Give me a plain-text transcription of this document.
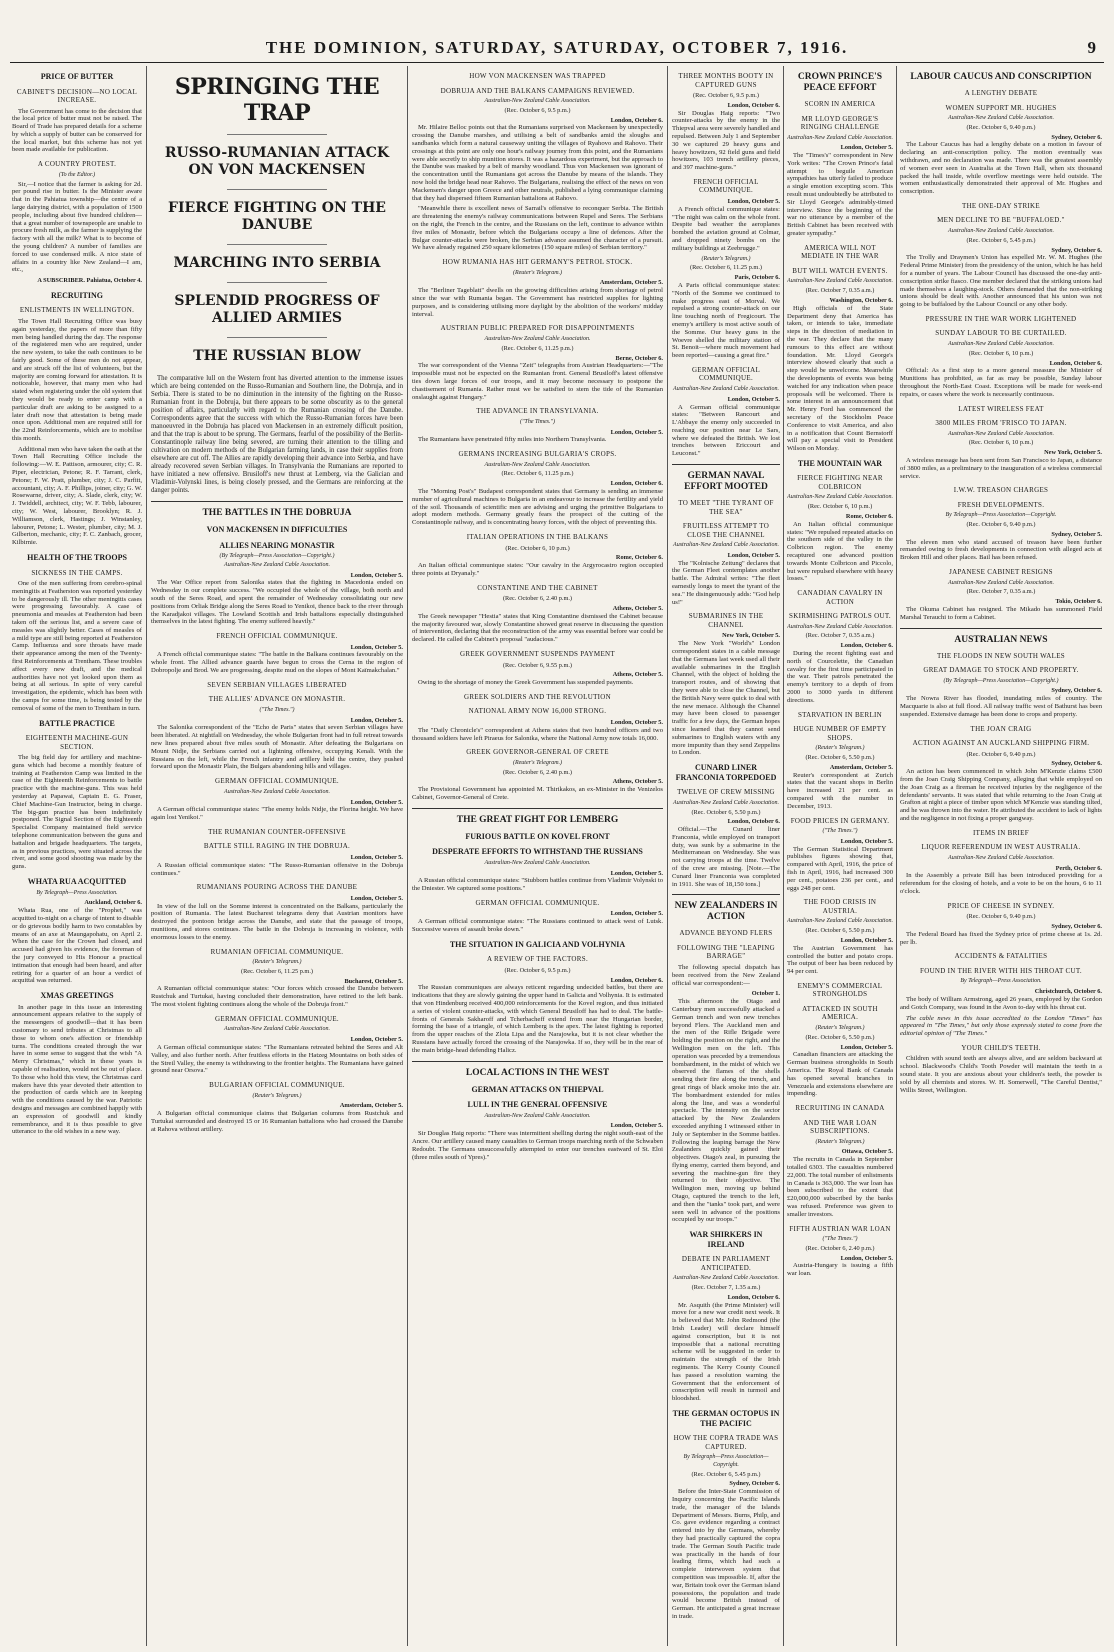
THE DOMINION, SATURDAY, SATURDAY, OCTOBER 7, 1916.	9
PRICE OF BUTTER
CABINET'S DECISION—NO LOCAL INCREASE.

The Government has come to the decision that the local price of butter must not be raised. The Board of Trade has prepared details for a scheme by which a supply of butter can be conserved for the local market, but this scheme has not yet been made available for publication.

A COUNTRY PROTEST.
(To the Editor.)

Sir,—I notice that the farmer is asking for 2d. per pound rise in butter. Is the Minister aware that in the Pahiatua township—the centre of a large dairying district, with a population of 1500 people, including about five hundred children—that a great number of townspeople are unable to procure fresh milk, as the farmer is supplying the factory with all the milk? What is to become of the young children? A number of families are forced to use condensed milk. A nice state of affairs in a country like New Zealand—I am, etc.,

A SUBSCRIBER. Pahiatua, October 4.
RECRUITING
ENLISTMENTS IN WELLINGTON.

The Town Hall Recruiting Office was busy again yesterday, the papers of more than fifty men being handled during the day. The response of the registered men who are required, under the new system, to take the oath continues to be fairly good. Some of these men do not appear, and are struck off the list of volunteers, but the majority are coming forward for attestation. It is noticeable, however, that many men who had stated when registering under the old system that they would be ready to enter camp with a particular draft are asking to be assigned to a later draft now that attestation is being made once upon. Additional men are required still for the 22nd Reinforcements, which are to mobilise this month.

Additional men who have taken the oath at the Town Hall Recruiting Office include the following:—W. E. Pattison, armourer, city; C. R. Piper, electrician, Petone; R. F. Tarrant, clerk, Petone; F. W. Pratt, plumber, city; J. C. Parfitt, accountant, city; A. F. Phillips, joiner, city; G. W. Rosewarne, driver, city; A. Slade, clerk, city; W. J. Twiddell, architect, city; W. F. Tebb, labourer, city; W. West, labourer, Brooklyn; R. J. Williamson, clerk, Hastings; J. Winstanley, labourer, Petone; L. Wester, plumber, city; M. J. Gilberton, mechanic, city; F. C. Zanbach, grocer, Kilbirnie.

HEALTH OF THE TROOPS
SICKNESS IN THE CAMPS.

One of the men suffering from cerebro-spinal meningitis at Featherston was reported yesterday to be dangerously ill. The other meningitis cases were progressing favourably. A case of pneumonia and measles at Featherston had been taken off the serious list, and a severe case of measles was slightly better. Cases of measles of a mild type are still being reported at Featherston Camp. Influenza and sore throats have made their appearance among the men of the Twenty-first Reinforcements at Trentham. These troubles affect every new draft, and the medical authorities have not yet looked upon them as being at all serious. In spite of very careful investigation, the epidemic, which has been with the camps for some time, is being tested by the removal of some of the men to Trentham in turn.

BATTLE PRACTICE
EIGHTEENTH MACHINE-GUN SECTION.

The big field day for artillery and machine-guns which had become a monthly feature of training at Featherston Camp was limited in the case of the Eighteenth Reinforcements to battle practice with the machine-guns. This was held yesterday at Papawai, Captain E. G. Fraser, Chief Machine-Gun Instructor, being in charge. The big-gun practice has been indefinitely postponed. The Signal Section of the Eighteenth Specialist Company maintained field service telephone communication between the guns and battalion and brigade headquarters. The targets, as in previous practices, were situated across the river, and some good shooting was made by the guns.

WHATA RUA ACQUITTED
By Telegraph—Press Association.
Auckland, October 6.

Whata Rua, one of the "Prophet," was acquitted to-night on a charge of intent to disable or do grievous bodily harm to two constables by means of an axe at Maungapohatu, on April 2. When the case for the Crown had closed, and accused had given his evidence, the foreman of the jury conveyed to His Honour a practical intimation that enough had been heard, and after retiring for a quarter of an hour a verdict of acquittal was returned.

XMAS GREETINGS

In another page in this issue an interesting announcement appears relative to the supply of the messengers of goodwill—that it has been customary to send tributes at Christmas to all those to whom one's affection or friendship turns. The conditions created through the war have in some sense to suggest that the wish "A Merry Christmas," which in these years is capable of realisation, would not be out of place. To those who hold this view, the Christmas card makers have this year devoted their attention to the production of cards which are in keeping with the conditions caused by the war. Patriotic designs and messages are combined happily with an expression of goodwill and kindly remembrance, and it is thus possible to give utterance to the old wishes in a new way.

SPRINGING THE TRAP
RUSSO-RUMANIAN ATTACK ON VON MACKENSEN
FIERCE FIGHTING ON THE DANUBE
MARCHING INTO SERBIA
SPLENDID PROGRESS OF ALLIED ARMIES
THE RUSSIAN BLOW

The comparative lull on the Western front has diverted attention to the immense issues which are being contended on the Russo-Rumanian and Southern line, the Dobruja, and in Serbia. There is stated to be no diminution in the intensity of the fighting on the Russo-Rumanian front in the Dobruja, but there appears to be some obscurity as to the general position of affairs, particularly with regard to the Rumanian crossing of the Danube. Correspondents agree that the success with which the Russo-Rumanian forces have been manoeuvred in the Dobruja has placed von Mackensen in an extremely difficult position, and that the trap is about to be sprung. The Germans, fearful of the possibility of the Berlin-Constantinople railway line being severed, are turning their attention to the tilling and cultivation on modern methods of the Bulgarian farming lands, in case their supplies from elsewhere are cut off. The Allies are rapidly developing their advance into Serbia, and have already recovered seven Serbian villages. In Transylvania the Rumanians are reported to have initiated a new offensive. Brusiloff's new thrust at Lemberg, via the Galician and Vladimir-Volynski lines, is being closely pressed, and the Germans are reinforcing at the danger points.

THE BATTLES IN THE DOBRUJA
VON MACKENSEN IN DIFFICULTIES
ALLIES NEARING MONASTIR
(By Telegraph—Press Association—Copyright.)
Australian-New Zealand Cable Association.
London, October 5.

The War Office report from Salonika states that the fighting in Macedonia ended on Wednesday in our complete success. "We occupied the whole of the village, both north and south of the Seres Road, and spent the remainder of Wednesday consolidating our new positions from Orliak Bridge along the Seres Road to Yenikoi, thence back to the river through the Karadjakoi villages. The Lowland Scottish and Irish battalions especially distinguished themselves in the latest fighting. The enemy suffered heavily."

FRENCH OFFICIAL COMMUNIQUE.
London, October 5.

A French official communique states: "The battle in the Balkans continues favourably on the whole front. The Allied advance guards have begun to cross the Cerna in the region of Dobropolje and Brod. We are progressing, despite mud on the slopes of Mont Kaïmakchalan."

SEVEN SERBIAN VILLAGES LIBERATED
THE ALLIES' ADVANCE ON MONASTIR.
("The Times.")
London, October 5.

The Salonika correspondent of the "Echo de Paris" states that seven Serbian villages have been liberated. At nightfall on Wednesday, the whole Bulgarian front had in full retreat towards new lines prepared about five miles south of Monastir. After defeating the Bulgarians on Mount Nidje, the Serbians carried out a lightning offensive, occupying Kenali. With the Russians on the left, while the French infantry and artillery held the centre, they pushed forward upon the Monastir Plain, the Bulgars abandoning hills and villages.

GERMAN OFFICIAL COMMUNIQUE.
Australian-New Zealand Cable Association.
London, October 5.

A German official communique states: "The enemy holds Nidje, the Florina height. We have again lost Yenikoi."

THE RUMANIAN COUNTER-OFFENSIVE
BATTLE STILL RAGING IN THE DOBRUJA.
London, October 5.

A Russian official communique states: "The Russo-Rumanian offensive in the Dobruja continues."

RUMANIANS POURING ACROSS THE DANUBE
London, October 5.

In view of the lull on the Somme interest is concentrated on the Balkans, particularly the position of Rumania. The latest Bucharest telegrams deny that Austrian monitors have destroyed the pontoon bridge across the Danube, and state that the passage of troops, munitions, and stores continues. The battle in the Dobruja is increasing in violence, with enormous losses to the enemy.

RUMANIAN OFFICIAL COMMUNIQUE.
(Reuter's Telegram.)
(Rec. October 6, 11.25 p.m.)
Bucharest, October 5.

A Rumanian official communique states: "Our forces which crossed the Danube between Rustchuk and Turtukai, having concluded their demonstration, have retired to the left bank. The most violent fighting continues along the whole of the Dobruja front."

GERMAN OFFICIAL COMMUNIQUE.
Australian-New Zealand Cable Association.
London, October 5.

A German official communique states: "The Rumanians retreated behind the Seres and Alt Valley, and also further north. After fruitless efforts in the Hatzeg Mountains on both sides of the Streil Valley, the enemy is withdrawing to the frontier heights. The Rumanians have gained ground near Orsova."

BULGARIAN OFFICIAL COMMUNIQUE.
(Reuter's Telegram.)
Amsterdam, October 5.

A Bulgarian official communique claims that Bulgarian columns from Rustchuk and Turtukai surrounded and destroyed 15 or 16 Rumanian battalions who had crossed the Danube at Rahova without artillery.

HOW VON MACKENSEN WAS TRAPPED
DOBRUJA AND THE BALKANS CAMPAIGNS REVIEWED.
Australian-New Zealand Cable Association.
(Rec. October 6, 9.5 p.m.)
London, October 6.

Mr. Hilaire Belloc points out that the Rumanians surprised von Mackensen by unexpectedly crossing the Danube marshes, and utilising a belt of sandbanks amid the sloughs and sandbanks which form a natural causeway uniting the villages of Ryahovo and Rahovo. Their crossings at this point are only one hour's railway journey from this point, and the Rumanians were able secretly to ship munition stores. It was a hazardous experiment, but the approach to the Danube was masked by a belt of marshy woodland. Thus von Mackensen was ignorant of the concentration until the Rumanians got across the Danube by means of the islands. They now hold the bridge head near Rahovo. The Bulgarians, realising the effect of the news on von Mackensen's danger upon Greece and other neutrals, published a lying communique claiming that they had dispersed fifteen Rumanian battalions at Rahovo.

"Meanwhile there is excellent news of Sarrail's offensive to reconquer Serbia. The British are threatening the enemy's railway communications between Rupel and Seres. The Serbians on the right, the French in the centre, and the Russians on the left, continue to advance within five miles of Monastir, before which the Bulgarians occupy a line of defences. After the Bulgar counter-attacks were broken, the Serbian advance assumed the character of a pursuit. We have already regained 250 square kilometres (150 square miles) of Serbian territory."

HOW RUMANIA HAS HIT GERMANY'S PETROL STOCK.
(Reuter's Telegram.)
Amsterdam, October 5.

The "Berliner Tageblatt" dwells on the growing difficulties arising from shortage of petrol since the war with Rumania began. The Government has restricted supplies for lighting purposes, and is considering utilising more daylight by the abolition of the workers' midday interval.

AUSTRIAN PUBLIC PREPARED FOR DISAPPOINTMENTS
Australian-New Zealand Cable Association.
(Rec. October 6, 11.25 p.m.)
Berne, October 6.

The war correspondent of the Vienna "Zeit" telegraphs from Austrian Headquarters:—"The impossible must not be expected on the Rumanian front. General Brusiloff's latest offensive ties down large forces of our troops, and it may become necessary to postpone the chastisement of Rumania. Rather must we be satisfied to stem the tide of the Rumanian onslaught against Hungary."

THE ADVANCE IN TRANSYLVANIA.
("The Times.")
London, October 5.

The Rumanians have penetrated fifty miles into Northern Transylvania.

GERMANS INCREASING BULGARIA'S CROPS.
Australian-New Zealand Cable Association.
(Rec. October 6, 11.25 p.m.)
London, October 6.

The "Morning Post's" Budapest correspondent states that Germany is sending an immense number of agricultural machines to Bulgaria in an endeavour to increase the fertility and yield of the soil. Thousands of scientific men are advising and urging the primitive Bulgarians to adopt modern methods. Germany greatly fears the prospect of the cutting of the Constantinople railway, and is concentrating heavy forces, with the object of preventing this.

ITALIAN OPERATIONS IN THE BALKANS
(Rec. October 6, 10 p.m.)
Rome, October 6.

An Italian official communique states: "Our cavalry in the Argyrocastro region occupied three points at Dryanaly."

CONSTANTINE AND THE CABINET
(Rec. October 6, 2.40 p.m.)
Athens, October 5.

The Greek newspaper "Hestia" states that King Constantine dismissed the Cabinet because the majority favoured war, slowly Constantine showed great reserve in discussing the question of intervention, declaring that the reconstruction of the army was essential before war could be declared. He called the Cabinet's proposal "audacious."

GREEK GOVERNMENT SUSPENDS PAYMENT
(Rec. October 6, 9.55 p.m.)
Athens, October 5.

Owing to the shortage of money the Greek Government has suspended payments.

GREEK SOLDIERS AND THE REVOLUTION
NATIONAL ARMY NOW 16,000 STRONG.
London, October 5.

The "Daily Chronicle's" correspondent at Athens states that two hundred officers and two thousand soldiers have left Piraeus for Salonika, where the National Army now totals 16,000.

GREEK GOVERNOR-GENERAL OF CRETE
(Reuter's Telegram.)
(Rec. October 6, 2.40 p.m.)
Athens, October 5.

The Provisional Government has appointed M. Thirikakos, an ex-Minister in the Venizelos Cabinet, Governor-General of Crete.

THE GREAT FIGHT FOR LEMBERG
FURIOUS BATTLE ON KOVEL FRONT
DESPERATE EFFORTS TO WITHSTAND THE RUSSIANS
Australian-New Zealand Cable Association.
London, October 5.

A Russian official communique states: "Stubborn battles continue from Vladimir Volynski to the Dniester. We captured some positions."

GERMAN OFFICIAL COMMUNIQUE.
London, October 5.

A German official communique states: "The Russians continued to attack west of Lutsk. Successive waves of assault broke down."

THE SITUATION IN GALICIA AND VOLHYNIA
A REVIEW OF THE FACTORS.
(Rec. October 6, 9.5 p.m.)
London, October 6.

The Russian communiques are always reticent regarding undecided battles, but there are indications that they are slowly gaining the upper hand in Galicia and Volhynia. It is estimated that von Hindenburg received 400,000 reinforcements for the Kovel region, and thus initiated a series of violent counter-attacks, with which General Brusiloff has had to deal. The battle-fronts of Generals Sakharoff and Tcherbacheff extend from near the Hungarian border, forming the base of a triangle, of which Lemberg is the apex. The latest fighting is reported from the upper reaches of the Zlota Lipa and the Narajowka, but it is not clear whether the Russians have actually forced the crossing of the Narajowka. If so, they will be in the rear of the main bridge-head defending Halicz.

LOCAL ACTIONS IN THE WEST
GERMAN ATTACKS ON THIEPVAL
LULL IN THE GENERAL OFFENSIVE
Australian-New Zealand Cable Association.
London, October 5.

Sir Douglas Haig reports: "There was intermittent shelling during the night south-east of the Ancre. Our artillery caused many casualties to German troops marching north of the Schwaben Redoubt. The Germans unsuccessfully attempted to enter our trenches eastward of St. Eloi (three miles south of Ypres)."

THREE MONTHS BOOTY IN CAPTURED GUNS
(Rec. October 6, 9.5 p.m.)
London, October 6.

Sir Douglas Haig reports: "Two counter-attacks by the enemy in the Thiepval area were severely handled and repulsed. Between July 1 and September 30 we captured 29 heavy guns and heavy howitzers, 92 field guns and field howitzers, 103 trench artillery pieces, and 397 machine-guns."

FRENCH OFFICIAL COMMUNIQUE.
London, October 5.

A French official communique states: "The night was calm on the whole front. Despite bad weather the aeroplanes bombed the aviation ground at Colmar, and dropped ninety bombs on the military buildings at Zeebrugge."

(Reuter's Telegram.)
(Rec. October 6, 11.25 p.m.)
Paris, October 6.

A Paris official communique states: "North of the Somme we continued to make progress east of Morval. We repulsed a strong counter-attack on our line touching north of Fregicourt. The enemy's artillery is most active south of the Somme. Our heavy guns in the Woevre shelled the military station of St. Benoit—where much movement had been reported—causing a great fire."

GERMAN OFFICIAL COMMUNIQUE.
Australian-New Zealand Cable Association.
London, October 5.

A German official communique states: "Between Rancourt and L'Abbaye the enemy only succeeded in reaching our position near Le Sars, where we defeated the British. We lost trenches between Ericcourt and Leuconst."

GERMAN NAVAL EFFORT MOOTED
TO MEET "THE TYRANT OF THE SEA"
FRUITLESS ATTEMPT TO CLOSE THE CHANNEL
Australian-New Zealand Cable Association.
London, October 5.

The "Kolnische Zeitung" declares that the German Fleet contemplates another battle. The Admiral writes: "The fleet earnestly longs to meet the tyrant of the sea." He disingenuously adds: "God help us!"

SUBMARINES IN THE CHANNEL
New York, October 5.

The New York "World's" London correspondent states in a cable message that the Germans last week used all their available submarines in the English Channel, with the object of holding the transport routes, and of showing that they were able to close the Channel, but the British Navy were quick to deal with the new menace. Although the Channel may have been closed to passenger traffic for a few days, the German hopes since learned that they cannot send submarines to English waters with any more impunity than they send Zeppelins to London.

CUNARD LINER FRANCONIA TORPEDOED
TWELVE OF CREW MISSING
Australian-New Zealand Cable Association.
(Rec. October 6, 5.50 p.m.)
London, October 6.

Official.—The Cunard liner Franconia, while employed on transport duty, was sunk by a submarine in the Mediterranean on Wednesday. She was not carrying troops at the time. Twelve of the crew are missing. [Note.—The Cunard liner Franconia was completed in 1911. She was of 18,150 tons.]

NEW ZEALANDERS IN ACTION
ADVANCE BEYOND FLERS
FOLLOWING THE "LEAPING BARRAGE"

The following special dispatch has been received from the New Zealand official war correspondent:—

October 1.

This afternoon the Otago and Canterbury men successfully attacked a German trench and won new trenches beyond Flers. The Auckland men and the men of the Rifle Brigade were holding the position on the right, and the Wellington men on the left. This operation was preceded by a tremendous bombardment, in the midst of which we observed the flames of the shells sending their fire along the trench, and great rings of black smoke into the air. The bombardment extended for miles along the line, and was a wonderful spectacle. The intensity on the sector attacked by the New Zealanders exceeded anything I witnessed either in July or September in the Somme battles. Following the leaping barrage the New Zealanders quickly gained their objectives. Otago's zeal, in pursuing the flying enemy, carried them beyond, and severing the machine-gun fire they returned to their objective. The Wellington men, moving up behind Otago, captured the trench to the left, and then the "tanks" took part, and were seen well in advance of the positions occupied by our troops."

WAR SHIRKERS IN IRELAND
DEBATE IN PARLIAMENT ANTICIPATED.
Australian-New Zealand Cable Association.
(Rec. October 7, 1.35 a.m.)
London, October 6.

Mr. Asquith (the Prime Minister) will move for a new war credit next week. It is believed that Mr. John Redmond (the Irish Leader) will declare himself against conscription, but it is not impossible that a national recruiting scheme will be suggested in order to maintain the strength of the Irish regiments. The Kerry County Council has passed a resolution warning the Government that the enforcement of conscription will result in turmoil and bloodshed.

THE GERMAN OCTOPUS IN THE PACIFIC
HOW THE COPRA TRADE WAS CAPTURED.
By Telegraph—Press Association—Copyright.
(Rec. October 6, 5.45 p.m.)
Sydney, October 6.

Before the Inter-State Commission of Inquiry concerning the Pacific Islands trade, the manager of the Islands Department of Messrs. Burns, Philp, and Co. gave evidence regarding a contract entered into by the Germans, whereby they had practically captured the copra trade. The German South Pacific trade was practically in the hands of four leading firms, which had such a complete interwoven system that competition was impossible. If, after the war, Britain took over the German island possessions, the population and trade would become British instead of German. He anticipated a great increase in trade.

CROWN PRINCE'S PEACE EFFORT
SCORN IN AMERICA
MR LLOYD GEORGE'S RINGING CHALLENGE
Australian-New Zealand Cable Association.
London, October 5.

The "Times's" correspondent in New York writes: "The Crown Prince's fatal attempt to beguile American sympathies has utterly failed to produce a single emotion excepting scorn. This result must undoubtedly be attributed to Sir Lloyd George's admirably-timed interview. Since the beginning of the war no utterance by a member of the British Cabinet has been received with greater sympathy."

AMERICA WILL NOT MEDIATE IN THE WAR
BUT WILL WATCH EVENTS.
Australian-New Zealand Cable Association.
(Rec. October 7, 0.35 a.m.)
Washington, October 6.

High officials of the State Department deny that America has taken, or intends to take, immediate steps in the direction of mediation in the war. They declare that the many rumours to this effect are without foundation. Mr. Lloyd George's interview showed clearly that such a step would be unwelcome. Meanwhile the developments of events was being watched for any indication when peace proposals will be welcomed. There is some interest in an announcement that Mr. Henry Ford has commenced the secretary of the Stockholm Peace Conference to visit America, and also in a notification that Count Bernstorff will pay a special visit to President Wilson on Monday.

THE MOUNTAIN WAR
FIERCE FIGHTING NEAR COLBRICON
Australian-New Zealand Cable Association.
(Rec. October 6, 10 p.m.)
Rome, October 6.

An Italian official communique states: "We repulsed repeated attacks on the southern side of the valley in the Colbricon region. The enemy recaptured one advanced position towards Monte Colbricon and Piccolo, but were repulsed elsewhere with heavy losses."

CANADIAN CAVALRY IN ACTION
SKIRMISHING PATROLS OUT.
Australian-New Zealand Cable Association.
(Rec. October 7, 0.35 a.m.)
London, October 6.

During the recent fighting east and north of Courcelette, the Canadian cavalry for the first time participated in the war. Their patrols penetrated the enemy's territory to a depth of from 2000 to 3000 yards in different directions.

STARVATION IN BERLIN
HUGE NUMBER OF EMPTY SHOPS.
(Reuter's Telegram.)
(Rec. October 6, 5.50 p.m.)
Amsterdam, October 5.

Reuter's correspondent at Zurich states that the vacant shops in Berlin have increased 21 per cent. as compared with the number in December, 1913.

FOOD PRICES IN GERMANY.
("The Times.")
London, October 5.

The German Statistical Department publishes figures showing that, compared with April, 1916, the price of fish in April, 1916, had increased 300 per cent., potatoes 236 per cent., and eggs 248 per cent.

THE FOOD CRISIS IN AUSTRIA.
Australian-New Zealand Cable Association.
(Rec. October 6, 5.50 p.m.)
London, October 5.

The Austrian Government has controlled the butter and potato crops. The output of beer has been reduced by 94 per cent.

ENEMY'S COMMERCIAL STRONGHOLDS
ATTACKED IN SOUTH AMERICA.
(Reuter's Telegram.)
(Rec. October 6, 5.50 p.m.)
London, October 5.

Canadian financiers are attacking the German business strongholds in South America. The Royal Bank of Canada has opened several branches in Venezuela and extensions elsewhere are impending.

RECRUITING IN CANADA
AND THE WAR LOAN SUBSCRIPTIONS.
(Reuter's Telegram.)
Ottawa, October 5.

The recruits in Canada in September totalled 6303. The casualties numbered 22,000. The total number of enlistments in Canada is 363,000. The war loan has been subscribed to the extent that £20,000,000 subscribed by the banks was refused. Preference was given to smaller investors.

FIFTH AUSTRIAN WAR LOAN
("The Times.")
(Rec. October 6, 2.40 p.m.)
London, October 5.

Austria-Hungary is issuing a fifth war loan.

LABOUR CAUCUS AND CONSCRIPTION
A LENGTHY DEBATE
WOMEN SUPPORT MR. HUGHES
Australian-New Zealand Cable Association.
(Rec. October 6, 9.40 p.m.)
Sydney, October 6.

The Labour Caucus has had a lengthy debate on a motion in favour of declaring an anti-conscription policy. The motion eventually was withdrawn, and no declaration was made. There was the greatest assembly of women ever seen in Australia at the Town Hall, when six thousand packed the hall inside, while overflow meetings were held outside. The women enthusiastically demonstrated their approval of Mr. Hughes and conscription.

THE ONE-DAY STRIKE
MEN DECLINE TO BE "BUFFALOED."
Australian-New Zealand Cable Association.
(Rec. October 6, 5.45 p.m.)
Sydney, October 6.

The Trolly and Draymen's Union has expelled Mr. W. M. Hughes (the Federal Prime Minister) from the presidency of the union, which he has held for a number of years. The Labour Council has discussed the one-day anti-conscription strike fiasco. One member declared that the striking unions had made themselves a laughing-stock. Others demanded that the non-striking unions should be dealt with. Another announced that his union was not going to be buffaloed by the Labour Council or any other body.

PRESSURE IN THE WAR WORK LIGHTENED
SUNDAY LABOUR TO BE CURTAILED.
Australian-New Zealand Cable Association.
(Rec. October 6, 10 p.m.)
London, October 6.

Official: As a first step to a more general measure the Minister of Munitions has prohibited, as far as may be possible, Sunday labour throughout the North-East Coast. Exceptions will be made for week-end repairs, or cases where the work is necessarily continuous.

LATEST WIRELESS FEAT
3800 MILES FROM 'FRISCO TO JAPAN.
Australian-New Zealand Cable Association.
(Rec. October 6, 10 p.m.)
New York, October 5.

A wireless message has been sent from San Francisco to Japan, a distance of 3800 miles, as a preliminary to the inauguration of a wireless commercial service.

I.W.W. TREASON CHARGES
FRESH DEVELOPMENTS.
By Telegraph—Press Association—Copyright.
(Rec. October 6, 9.40 p.m.)
Sydney, October 5.

The eleven men who stand accused of treason have been further remanded owing to fresh developments in connection with alleged acts at Broken Hill and other places. Bail has been refused.

JAPANESE CABINET RESIGNS
Australian-New Zealand Cable Association.
(Rec. October 7, 0.35 a.m.)
Tokio, October 6.

The Okuma Cabinet has resigned. The Mikado has summoned Field Marshal Terauchi to form a Cabinet.

AUSTRALIAN NEWS
THE FLOODS IN NEW SOUTH WALES
GREAT DAMAGE TO STOCK AND PROPERTY.
(By Telegraph—Press Association—Copyright.)
Sydney, October 6.

The Nowra River has flooded, inundating miles of country. The Macquarie is also at full flood. All railway traffic west of Bathurst has been suspended. Extensive damage has been done to crops and property.

THE JOAN CRAIG
ACTION AGAINST AN AUCKLAND SHIPPING FIRM.
(Rec. October 6, 9.40 p.m.)
Sydney, October 6.

An action has been commenced in which John M'Kenzie claims £500 from the Joan Craig Shipping Company, alleging that while employed on the Joan Craig as a fireman he received injuries by the negligence of the defendants' servants. It was stated that while returning to the Joan Craig at Grafton at night a piece of timber upon which M'Kenzie was standing tilted, and he was thrown into the water. He attributed the accident to lack of lights and the negligence in not fixing a proper gangway.

ITEMS IN BRIEF
LIQUOR REFERENDUM IN WEST AUSTRALIA.
Australian-New Zealand Cable Association.
Perth, October 6.

In the Assembly a private Bill has been introduced providing for a referendum for the closing of hotels, and a vote to be on the hours, 6 to 11 o'clock.

PRICE OF CHEESE IN SYDNEY.
(Rec. October 6, 9.40 p.m.)
Sydney, October 6.

The Federal Board has fixed the Sydney price of prime cheese at 1s. 2d. per lb.

ACCIDENTS & FATALITIES
FOUND IN THE RIVER WITH HIS THROAT CUT.
By Telegraph—Press Association.
Christchurch, October 6.

The body of William Armstrong, aged 26 years, employed by the Gordon and Gotch Company, was found in the Avon to-day with his throat cut.

The cable news in this issue accredited to the London "Times" has appeared in "The Times," but only those expressly stated to come from the editorial opinion of "The Times."

YOUR CHILD'S TEETH.

Children with sound teeth are always alive, and are seldom backward at school. Blackwood's Child's Tooth Powder will maintain the teeth in a sound state. It you are anxious about your children's teeth, the powder is sold by all chemists and stores. W. H. Somerwell, "The Careful Dentist," Willis Street, Wellington.
